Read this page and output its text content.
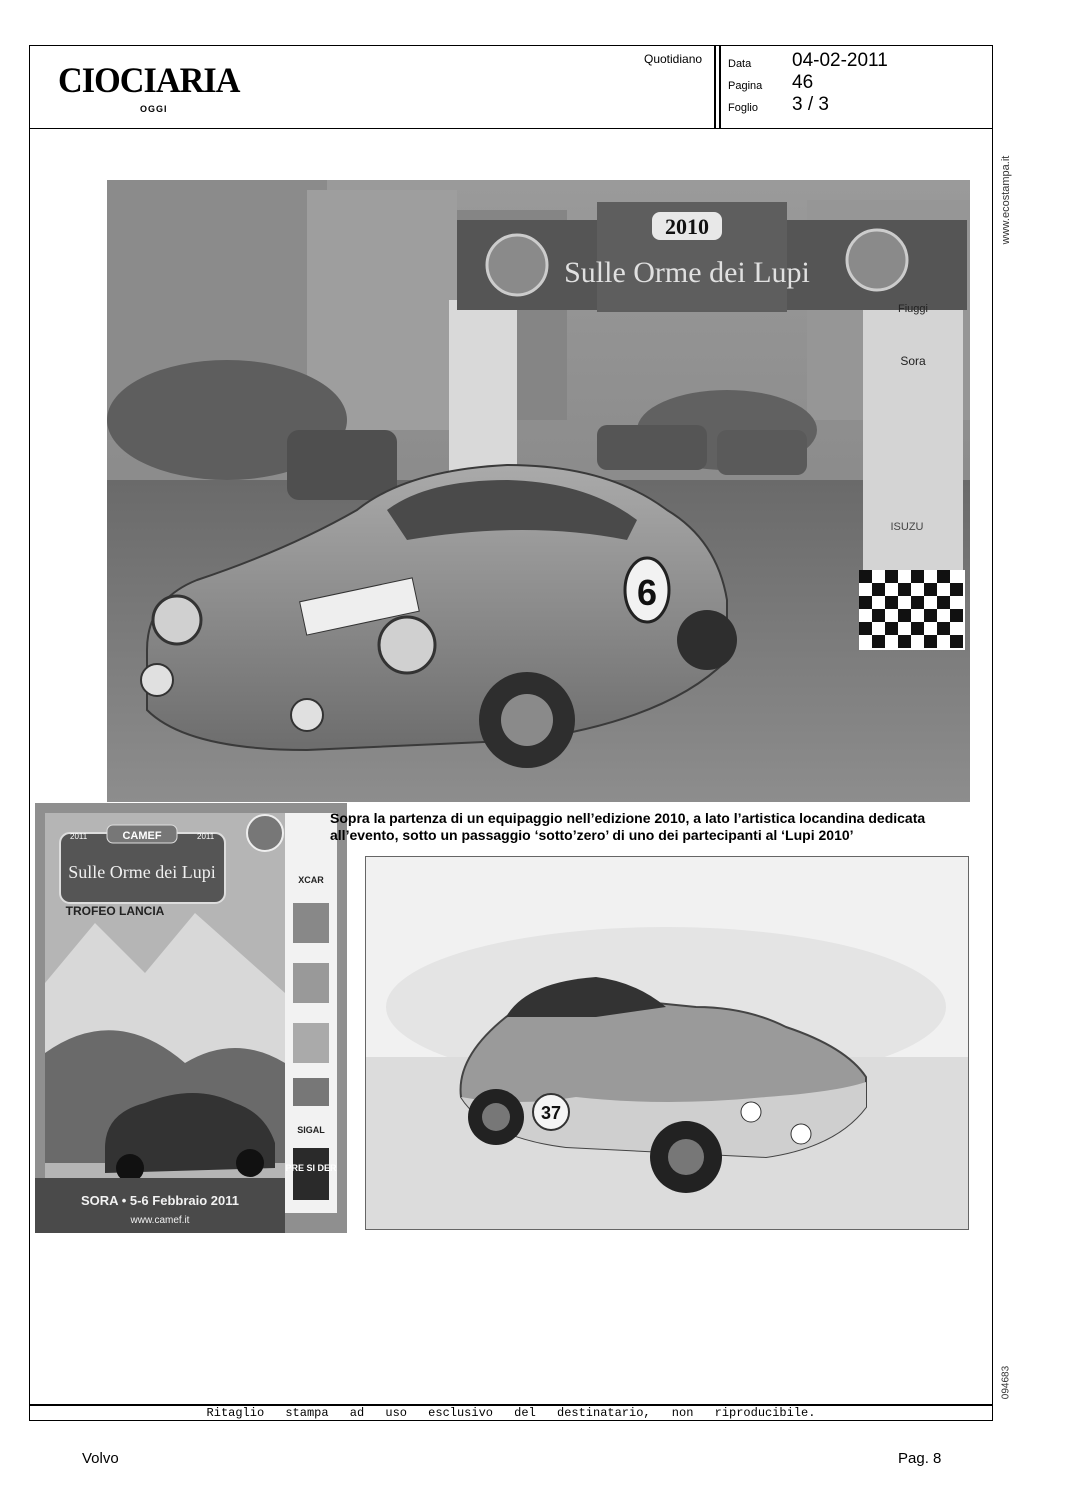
CIOCIARIA
OGGI
Quotidiano Data 04-02-2011
Pagina 46
Foglio 3 / 3
www.ecostampa.it
094683
2010
Sulle Orme dei Lupi
Fiuggi
Sora
ISUZU
6
CAMEF
2011	2011
Sulle Orme dei Lupi
TROFEO LANCIA
XCAR
SIGAL
PRE SI DER
SORA • 5-6 Febbraio 2011
www.camef.it
Sopra la partenza di un equipaggio nell’edizione 2010, a lato l’artistica locandina dedicata all’evento, sotto un passaggio ‘sotto’zero’ di uno dei partecipanti al ‘Lupi 2010’
37
Ritaglio stampa ad uso esclusivo del destinatario, non riproducibile.
Volvo	Pag. 8
